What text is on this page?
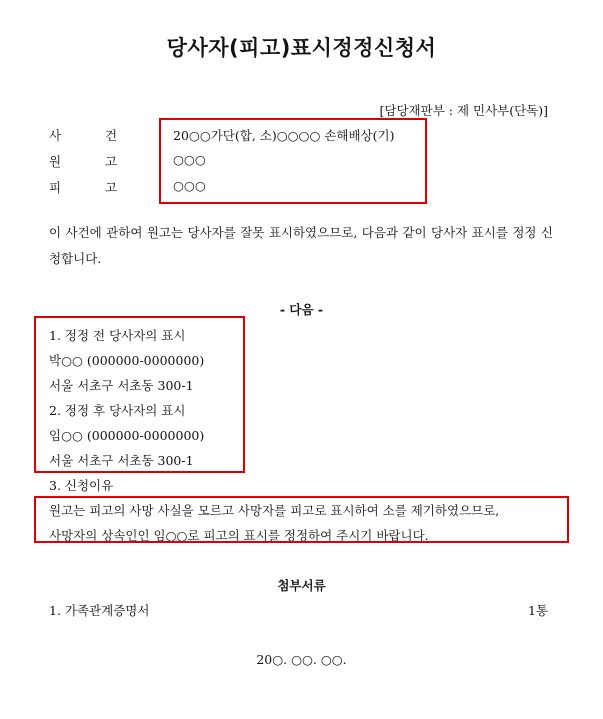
당사자(피고)표시정정신청서
[담당재판부 : 제 민사부(단독)]
사	건	20○○가단(합, 소)○○○○ 손해배상(기)
원	고	○○○
피	고	○○○
이 사건에 관하여 원고는 당사자를 잘못 표시하였으므로, 다음과 같이 당사자 표시를 정정 신청합니다.
- 다음 -
1. 정정 전 당사자의 표시
박○○ (000000-0000000)
서울 서초구 서초동 300-1
2. 정정 후 당사자의 표시
임○○ (000000-0000000)
서울 서초구 서초동 300-1
3. 신청이유
원고는 피고의 사망 사실을 모르고 사망자를 피고로 표시하여 소를 제기하였으므로,
사망자의 상속인인 임○○로 피고의 표시를 정정하여 주시기 바랍니다.
첨부서류
1. 가족관계증명서	1통
20○. ○○. ○○.
